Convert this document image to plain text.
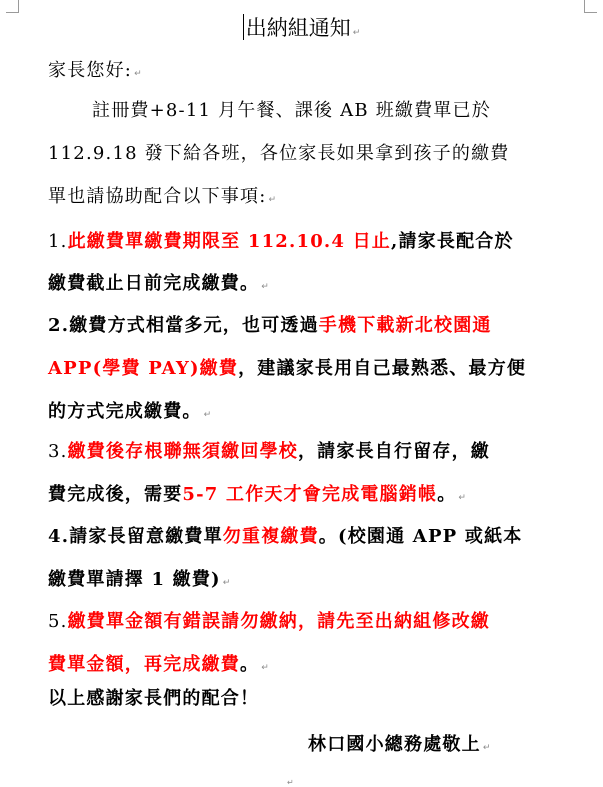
出納組通知 ↵
家長您好: ↵
註冊費+8-11 月午餐、課後 AB 班繳費單已於
112.9.18 發下給各班，各位家長如果拿到孩子的繳費
單也請協助配合以下事項: ↵
1.此繳費單繳費期限至 112.10.4 日止,請家長配合於
繳費截止日前完成繳費。 ↵
2.繳費方式相當多元，也可透過手機下載新北校園通
APP(學費 PAY)繳費，建議家長用自己最熟悉、最方便
的方式完成繳費。 ↵
3.繳費後存根聯無須繳回學校，請家長自行留存，繳
費完成後，需要5-7 工作天才會完成電腦銷帳。 ↵
4.請家長留意繳費單勿重複繳費。(校園通 APP 或紙本
繳費單請擇 1 繳費) ↵
5.繳費單金額有錯誤請勿繳納，請先至出納組修改繳
費單金額，再完成繳費。 ↵
以上感謝家長們的配合！
林口國小總務處敬上 ↵
↵
